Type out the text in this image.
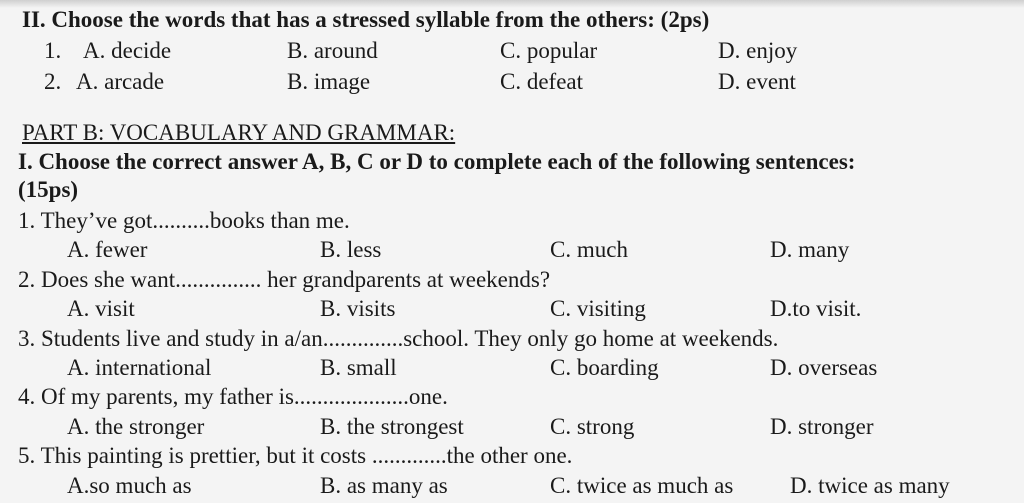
II. Choose the words that has a stressed syllable from the others: (2ps)
1. A. decide	B. around	C. popular	D. enjoy
2. A. arcade	B. image	C. defeat	D. event
PART B: VOCABULARY AND GRAMMAR:
I. Choose the correct answer A, B, C or D to complete each of the following sentences:
(15ps)
1. They’ve got..........books than me.
A. fewer	B. less	C. much	D. many
2. Does she want............... her grandparents at weekends?
A. visit	B. visits	C. visiting	D.to visit.
3. Students live and study in a/an..............school. They only go home at weekends.
A. international	B. small	C. boarding	D. overseas
4. Of my parents, my father is....................one.
A. the stronger	B. the strongest	C. strong	D. stronger
5. This painting is prettier, but it costs .............the other one.
A.so much as	B. as many as	C. twice as much as D. twice as many
